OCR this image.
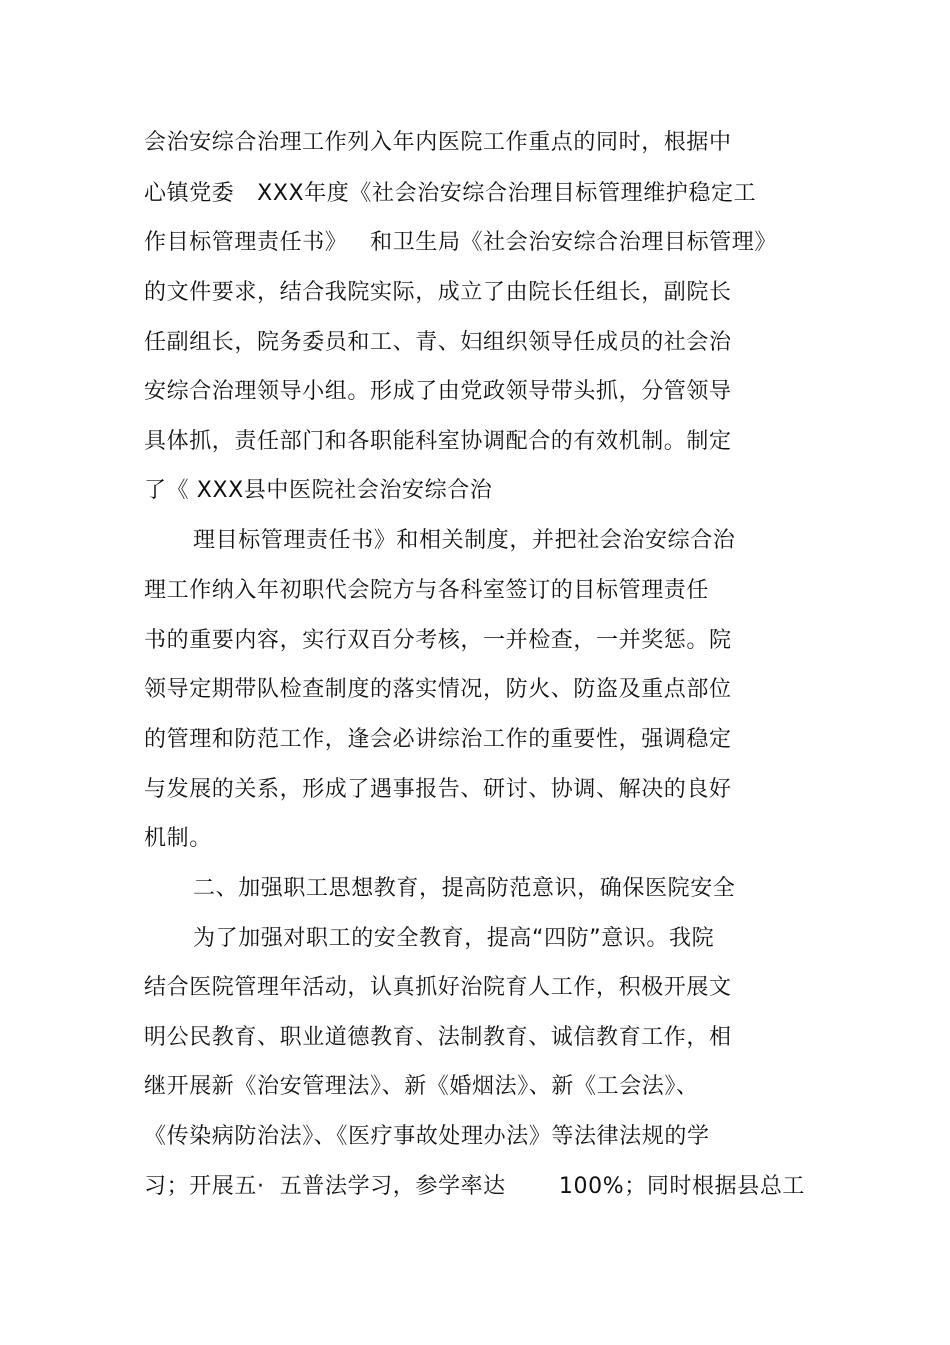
会治安综合治理工作列入年内医院工作重点的同时，根据中
心镇党委   XXX年度《社会治安综合治理目标管理维护稳定工
作目标管理责任书》   和卫生局《社会治安综合治理目标管理》
的文件要求，结合我院实际，成立了由院长任组长，副院长
任副组长，院务委员和工、青、妇组织领导任成员的社会治
安综合治理领导小组。形成了由党政领导带头抓，分管领导
具体抓，责任部门和各职能科室协调配合的有效机制。制定
了《 XXX县中医院社会治安综合治
理目标管理责任书》和相关制度，并把社会治安综合治
理工作纳入年初职代会院方与各科室签订的目标管理责任
书的重要内容，实行双百分考核，一并检查，一并奖惩。院
领导定期带队检查制度的落实情况，防火、防盗及重点部位
的管理和防范工作，逢会必讲综治工作的重要性，强调稳定
与发展的关系，形成了遇事报告、研讨、协调、解决的良好
机制。
二、加强职工思想教育，提高防范意识，确保医院安全
为了加强对职工的安全教育，提高“四防”意识。我院
结合医院管理年活动，认真抓好治院育人工作，积极开展文
明公民教育、职业道德教育、法制教育、诚信教育工作，相
继开展新《治安管理法》、新《婚烟法》、新《工会法》、
《传染病防治法》、《医疗事故处理办法》等法律法规的学
习；开展五·  五普法学习，参学率达       100%；同时根据县总工
